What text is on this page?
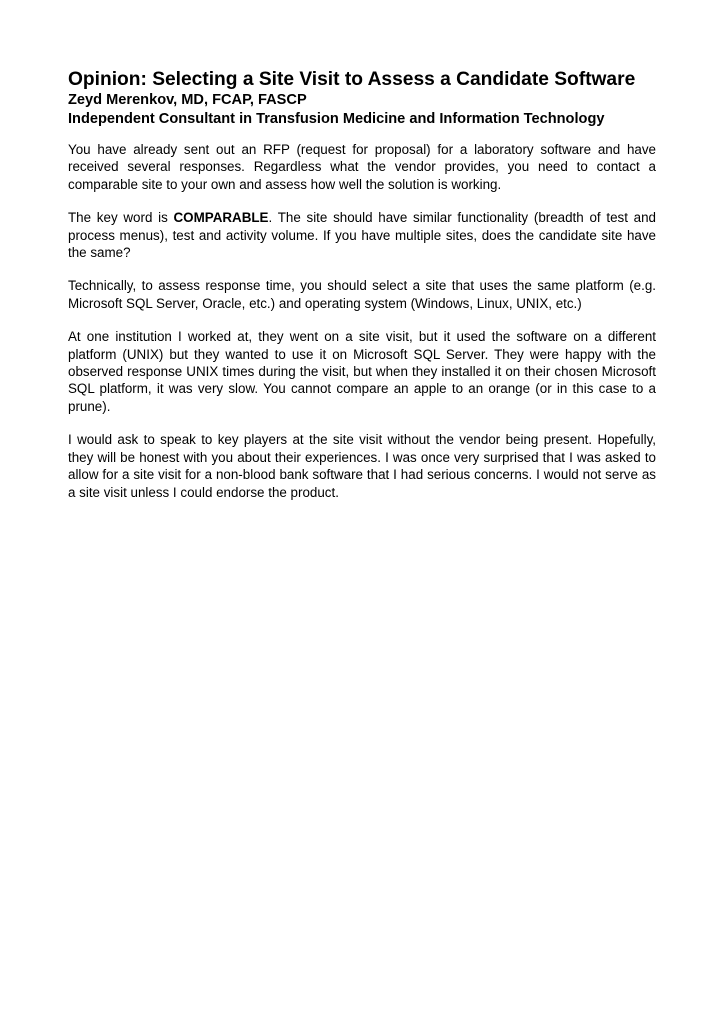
Opinion: Selecting a Site Visit to Assess a Candidate Software

Zeyd Merenkov, MD, FCAP, FASCP

Independent Consultant in Transfusion Medicine and Information Technology

You have already sent out an RFP (request for proposal) for a laboratory software and have received several responses. Regardless what the vendor provides, you need to contact a comparable site to your own and assess how well the solution is working.

The key word is COMPARABLE. The site should have similar functionality (breadth of test and process menus), test and activity volume. If you have multiple sites, does the candidate site have the same?

Technically, to assess response time, you should select a site that uses the same platform (e.g. Microsoft SQL Server, Oracle, etc.) and operating system (Windows, Linux, UNIX, etc.)

At one institution I worked at, they went on a site visit, but it used the software on a different platform (UNIX) but they wanted to use it on Microsoft SQL Server. They were happy with the observed response UNIX times during the visit, but when they installed it on their chosen Microsoft SQL platform, it was very slow. You cannot compare an apple to an orange (or in this case to a prune).

I would ask to speak to key players at the site visit without the vendor being present. Hopefully, they will be honest with you about their experiences. I was once very surprised that I was asked to allow for a site visit for a non-blood bank software that I had serious concerns. I would not serve as a site visit unless I could endorse the product.
